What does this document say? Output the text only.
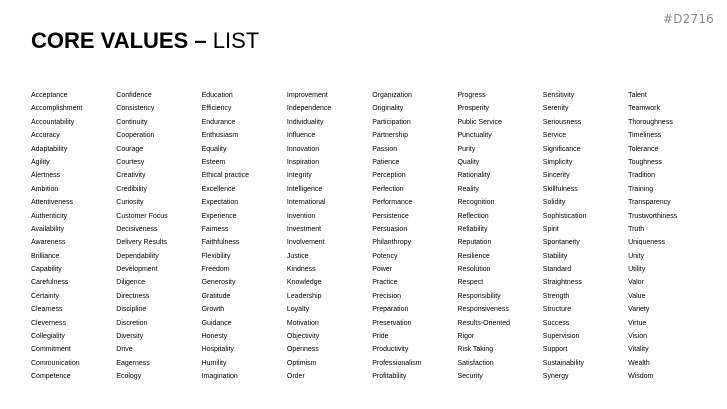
#D2716
CORE VALUES – LIST
Acceptance
Accomplishment
Accountability
Accuracy
Adaptability
Agility
Alertness
Ambition
Attentiveness
Authenticity
Availability
Awareness
Brilliance
Capability
Carefulness
Certainty
Clearness
Cleverness
Collegiality
Commitment
Communication
Competence
Confidence
Consistency
Continuity
Cooperation
Courage
Courtesy
Creativity
Credibility
Curiosity
Customer Focus
Decisiveness
Delivery Results
Dependability
Development
Diligence
Directness
Discipline
Discretion
Diversity
Drive
Eagerness
Ecology
Education
Efficiency
Endurance
Enthusiasm
Equality
Esteem
Ethical practice
Excellence
Expectation
Experience
Fairness
Faithfulness
Flexibility
Freedom
Generosity
Gratitude
Growth
Guidance
Honesty
Hospitality
Humility
Imagination
Improvement
Independence
Individuality
Influence
Innovation
Inspiration
Integrity
Intelligence
International
Invention
Investment
Involvement
Justice
Kindness
Knowledge
Leadership
Loyalty
Motivation
Objectivity
Openness
Optimism
Order
Organization
Originality
Participation
Partnership
Passion
Patience
Perception
Perfection
Performance
Persistence
Persuasion
Philanthropy
Potency
Power
Practice
Precision
Preparation
Preservation
Pride
Productivity
Professionalism
Profitability
Progress
Prosperity
Public Service
Punctuality
Purity
Quality
Rationality
Reality
Recognition
Reflection
Reliability
Reputation
Resilience
Resolution
Respect
Responsibility
Responsiveness
Results-Oriented
Rigor
Risk Taking
Satisfaction
Security
Sensitivity
Serenity
Seriousness
Service
Significance
Simplicity
Sincerity
Skillfulness
Solidity
Sophistication
Spirit
Spontaneity
Stability
Standard
Straightness
Strength
Structure
Success
Supervision
Support
Sustainability
Synergy
Talent
Teamwork
Thoroughness
Timeliness
Tolerance
Toughness
Tradition
Training
Transparency
Trustworthiness
Truth
Uniqueness
Unity
Utility
Valor
Value
Variety
Virtue
Vision
Vitality
Wealth
Wisdom
